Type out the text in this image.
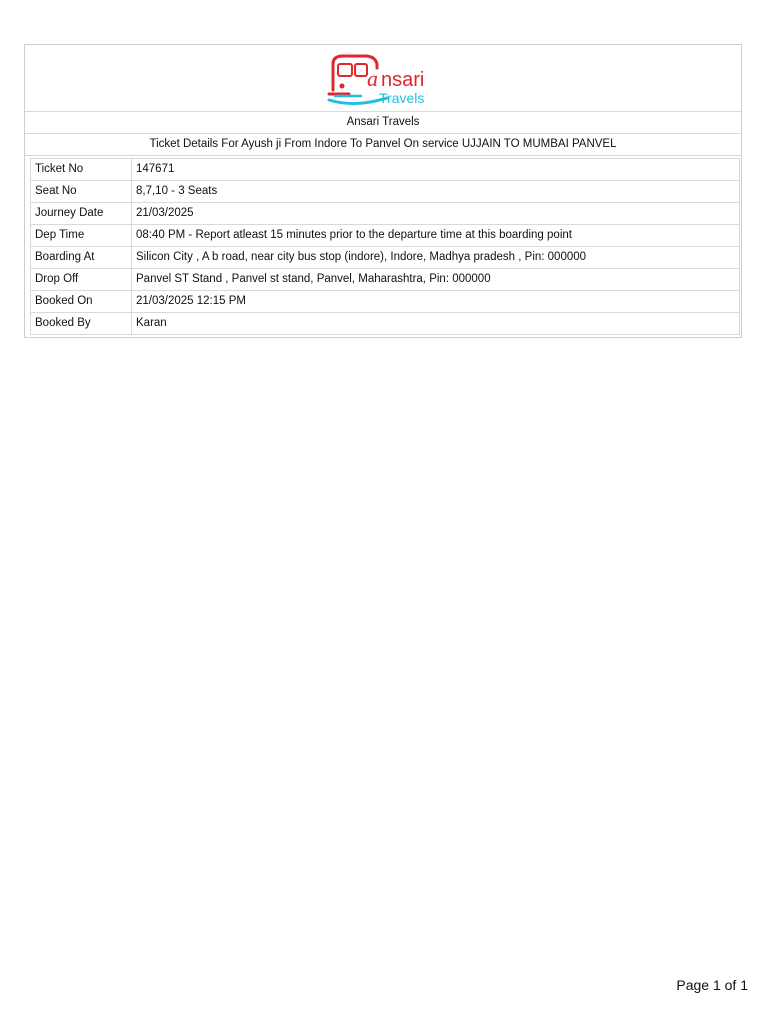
a nsari
Travels
Ansari Travels
Ticket Details For Ayush ji From Indore To Panvel On service UJJAIN TO MUMBAI PANVEL
Ticket No	147671
Seat No	8,7,10 - 3 Seats
Journey Date	21/03/2025
Dep Time	08:40 PM - Report atleast 15 minutes prior to the departure time at this boarding point
Boarding At	Silicon City , A b road, near city bus stop (indore), Indore, Madhya pradesh , Pin: 000000
Drop Off	Panvel ST Stand , Panvel st stand, Panvel, Maharashtra, Pin: 000000
Booked On	21/03/2025 12:15 PM
Booked By	Karan
Page 1 of 1
